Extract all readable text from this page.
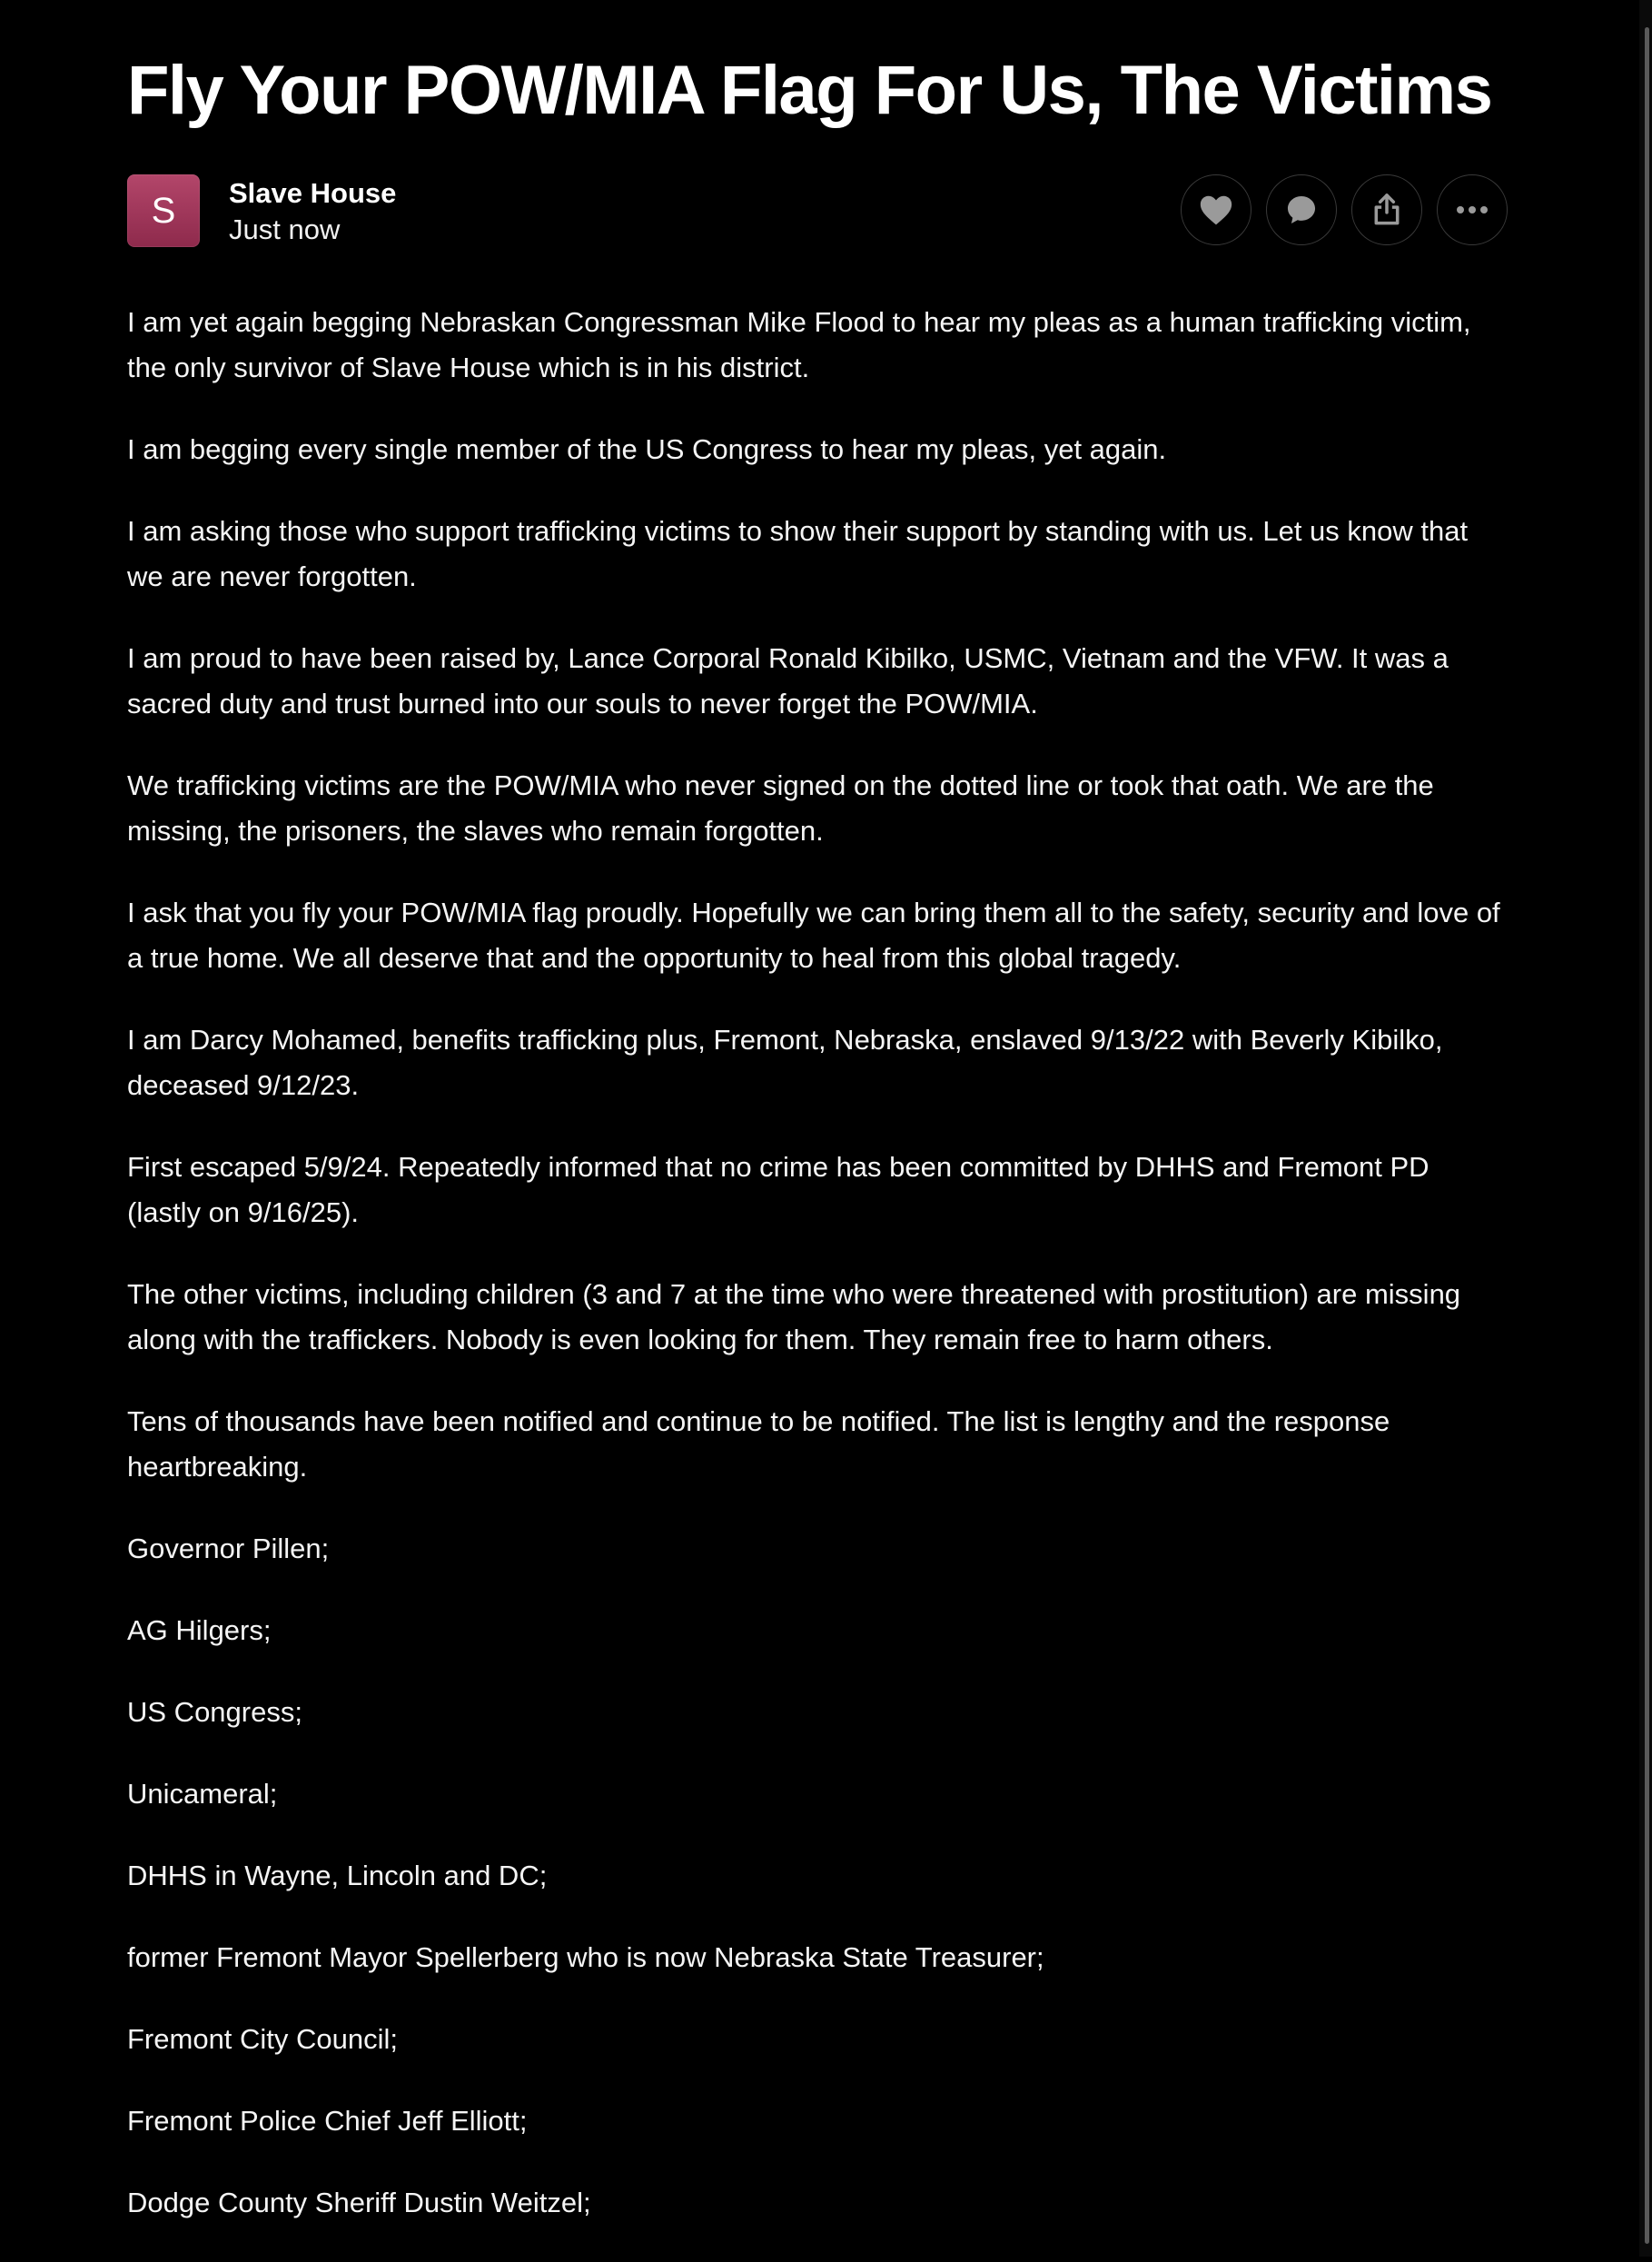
Fly Your POW/MIA Flag For Us, The Victims
S Slave House
Just now

I am yet again begging Nebraskan Congressman Mike Flood to hear my pleas as a human trafficking victim, the only survivor of Slave House which is in his district.

I am begging every single member of the US Congress to hear my pleas, yet again.

I am asking those who support trafficking victims to show their support by standing with us. Let us know that we are never forgotten.

I am proud to have been raised by, Lance Corporal Ronald Kibilko, USMC, Vietnam and the VFW. It was a sacred duty and trust burned into our souls to never forget the POW/MIA.

We trafficking victims are the POW/MIA who never signed on the dotted line or took that oath. We are the missing, the prisoners, the slaves who remain forgotten.

I ask that you fly your POW/MIA flag proudly. Hopefully we can bring them all to the safety, security and love of a true home. We all deserve that and the opportunity to heal from this global tragedy.

I am Darcy Mohamed, benefits trafficking plus, Fremont, Nebraska, enslaved 9/13/22 with Beverly Kibilko, deceased 9/12/23.

First escaped 5/9/24. Repeatedly informed that no crime has been committed by DHHS and Fremont PD (lastly on 9/16/25).

The other victims, including children (3 and 7 at the time who were threatened with prostitution) are missing along with the traffickers. Nobody is even looking for them. They remain free to harm others.

Tens of thousands have been notified and continue to be notified. The list is lengthy and the response heartbreaking.

Governor Pillen;

AG Hilgers;

US Congress;

Unicameral;

DHHS in Wayne, Lincoln and DC;

former Fremont Mayor Spellerberg who is now Nebraska State Treasurer;

Fremont City Council;

Fremont Police Chief Jeff Elliott;

Dodge County Sheriff Dustin Weitzel;
